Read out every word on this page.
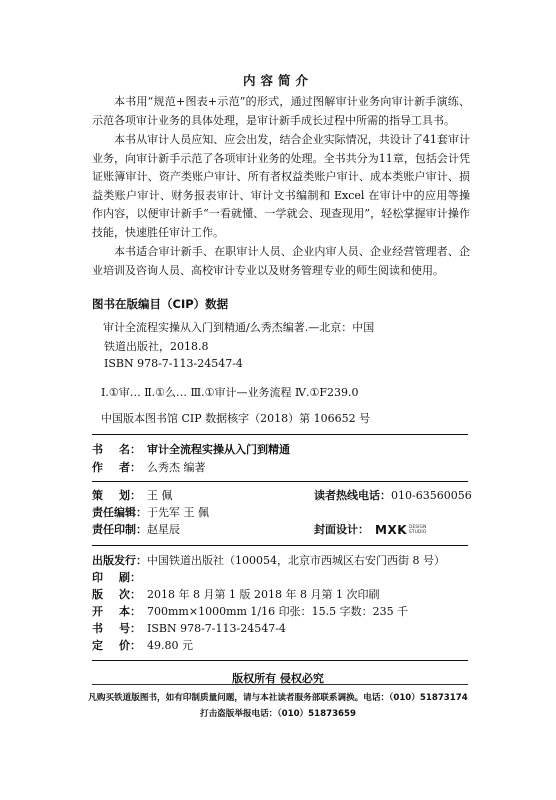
内容简介
本书用“规范+图表+示范”的形式，通过图解审计业务向审计新手演练、示范各项审计业务的具体处理，是审计新手成长过程中所需的指导工具书。
本书从审计人员应知、应会出发，结合企业实际情况，共设计了41套审计业务，向审计新手示范了各项审计业务的处理。全书共分为11章，包括会计凭证账簿审计、资产类账户审计、所有者权益类账户审计、成本类账户审计、损益类账户审计、财务报表审计、审计文书编制和 Excel 在审计中的应用等操作内容，以便审计新手“一看就懂、一学就会、现查现用”，轻松掌握审计操作技能，快速胜任审计工作。
本书适合审计新手、在职审计人员、企业内审人员、企业经营管理者、企业培训及咨询人员、高校审计专业以及财务管理专业的师生阅读和使用。
图书在版编目（CIP）数据
审计全流程实操从入门到精通/么秀杰编著.—北京：中国
铁道出版社，2018.8
ISBN 978-7-113-24547-4
Ⅰ.①审… Ⅱ.①么… Ⅲ.①审计—业务流程 Ⅳ.①F239.0
中国版本图书馆 CIP 数据核字（2018）第 106652 号
书 名 ： 审计全流程实操从入门到精通
作 者 ： 么秀杰 编著
策 划 ： 王 佩	读者热线电话：010-63560056
责任编辑：于先军 王 佩
责任印制：赵星辰	封面设计： MXK DESIGN
STUDIO
出版发行：中国铁道出版社（100054，北京市西城区右安门西街 8 号）
印 刷 ：
版 次 ： 2018 年 8 月第 1 版 2018 年 8 月第 1 次印刷
开 本 ： 700mm×1000mm 1/16 印张：15.5 字数：235 千
书 号 ： ISBN 978-7-113-24547-4
定 价 ： 49.80 元
版权所有 侵权必究
凡购买铁道版图书，如有印制质量问题，请与本社读者服务部联系调换。电话：（010）51873174
打击盗版举报电话：（010）51873659
